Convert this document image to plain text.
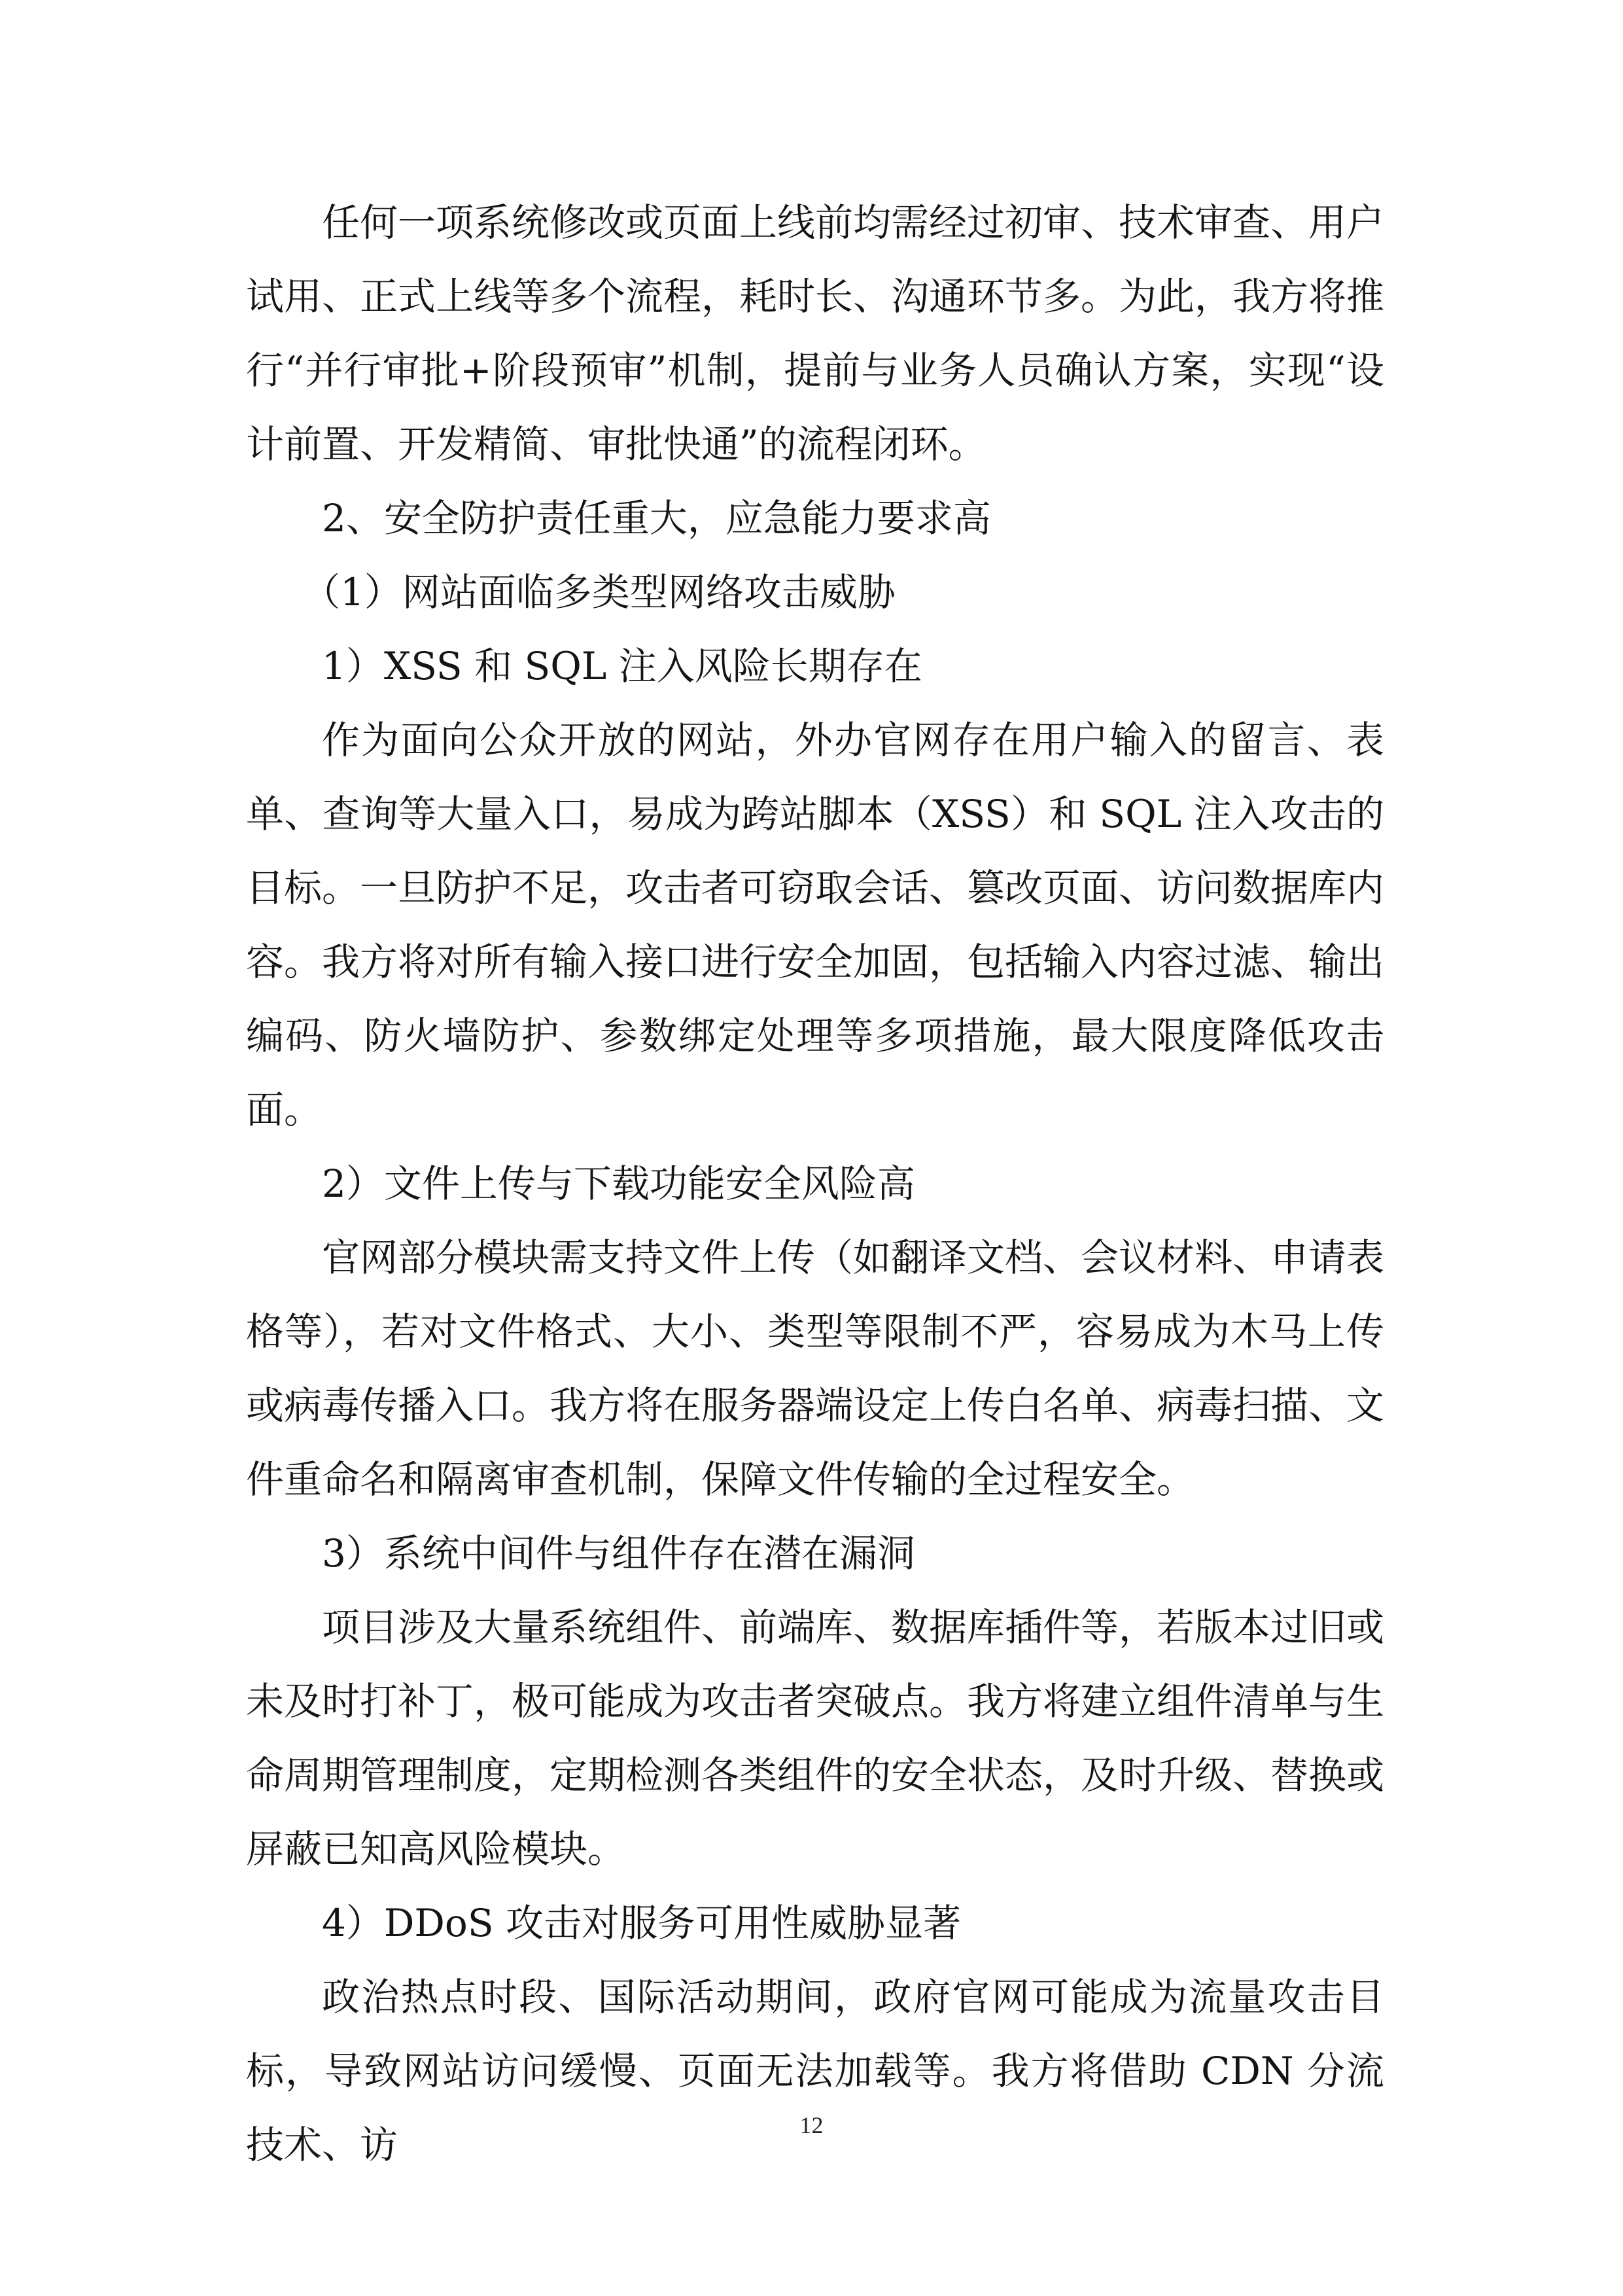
任何一项系统修改或页面上线前均需经过初审、技术审查、用户试用、正式上线等多个流程，耗时长、沟通环节多。为此，我方将推行“并行审批+阶段预审”机制，提前与业务人员确认方案，实现“设计前置、开发精简、审批快通”的流程闭环。

2、安全防护责任重大，应急能力要求高

（1）网站面临多类型网络攻击威胁

1）XSS 和 SQL 注入风险长期存在

作为面向公众开放的网站，外办官网存在用户输入的留言、表单、查询等大量入口，易成为跨站脚本（XSS）和 SQL 注入攻击的目标。一旦防护不足，攻击者可窃取会话、篡改页面、访问数据库内容。我方将对所有输入接口进行安全加固，包括输入内容过滤、输出编码、防火墙防护、参数绑定处理等多项措施，最大限度降低攻击面。

2）文件上传与下载功能安全风险高

官网部分模块需支持文件上传（如翻译文档、会议材料、申请表格等），若对文件格式、大小、类型等限制不严，容易成为木马上传或病毒传播入口。我方将在服务器端设定上传白名单、病毒扫描、文件重命名和隔离审查机制，保障文件传输的全过程安全。

3）系统中间件与组件存在潜在漏洞

项目涉及大量系统组件、前端库、数据库插件等，若版本过旧或未及时打补丁，极可能成为攻击者突破点。我方将建立组件清单与生命周期管理制度，定期检测各类组件的安全状态，及时升级、替换或屏蔽已知高风险模块。

4）DDoS 攻击对服务可用性威胁显著

政治热点时段、国际活动期间，政府官网可能成为流量攻击目标，导致网站访问缓慢、页面无法加载等。我方将借助 CDN 分流技术、访	12
